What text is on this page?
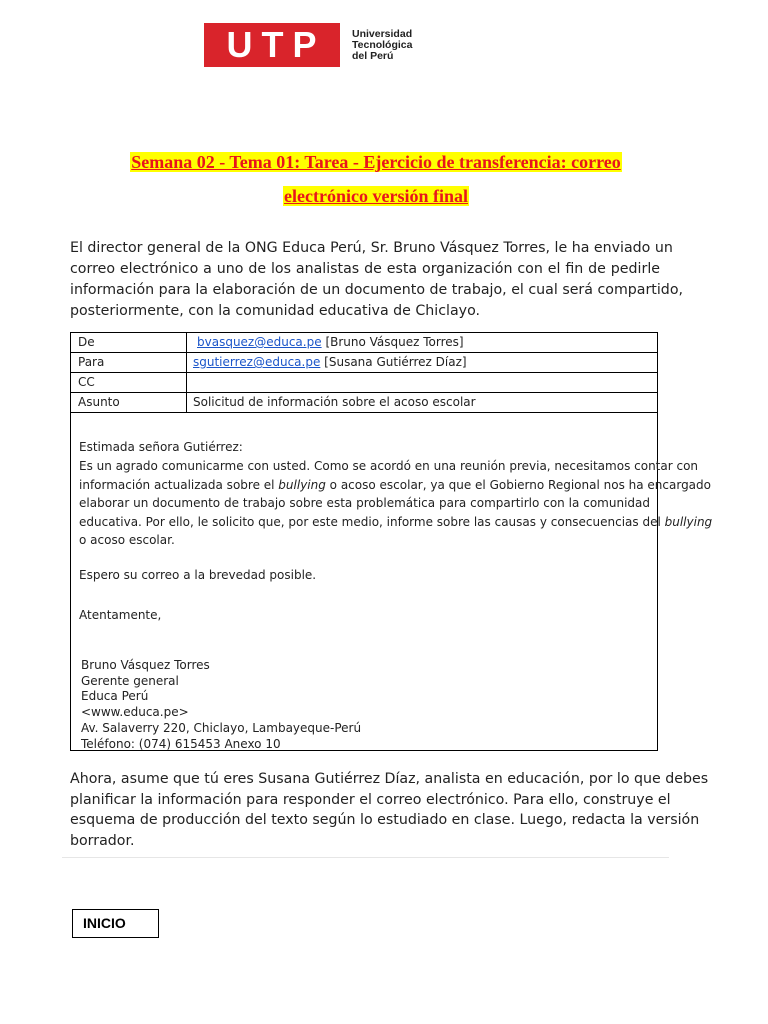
UTP	Universidad
Tecnológica
del Perú
Semana 02 - Tema 01: Tarea - Ejercicio de transferencia: correo
electrónico versión final
El director general de la ONG Educa Perú, Sr. Bruno Vásquez Torres, le ha enviado un
correo electrónico a uno de los analistas de esta organización con el fin de pedirle
información para la elaboración de un documento de trabajo, el cual será compartido,
posteriormente, con la comunidad educativa de Chiclayo.
De	bvasquez@educa.pe [Bruno Vásquez Torres]
Para	sgutierrez@educa.pe [Susana Gutiérrez Díaz]
CC
Asunto	Solicitud de información sobre el acoso escolar

Estimada señora Gutiérrez:

Es un agrado comunicarme con usted. Como se acordó en una reunión previa, necesitamos contar con
información actualizada sobre el bullying o acoso escolar, ya que el Gobierno Regional nos ha encargado
elaborar un documento de trabajo sobre esta problemática para compartirlo con la comunidad
educativa. Por ello, le solicito que, por este medio, informe sobre las causas y consecuencias del bullying
o acoso escolar.

Espero su correo a la brevedad posible.

Atentamente,

Bruno Vásquez Torres
Gerente general
Educa Perú
<www.educa.pe>
Av. Salaverry 220, Chiclayo, Lambayeque-Perú
Teléfono: (074) 615453 Anexo 10
Ahora, asume que tú eres Susana Gutiérrez Díaz, analista en educación, por lo que debes
planificar la información para responder el correo electrónico. Para ello, construye el
esquema de producción del texto según lo estudiado en clase. Luego, redacta la versión
borrador.
INICIO
